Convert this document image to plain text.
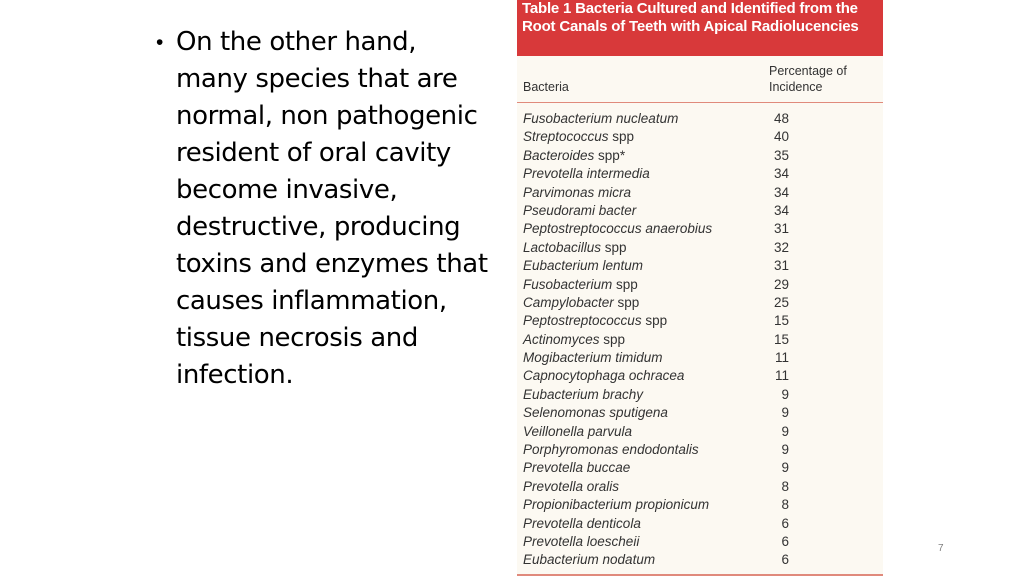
• On the other hand, many species that are normal, non pathogenic resident of oral cavity become invasive, destructive, producing toxins and enzymes that causes inflammation, tissue necrosis and infection.
Table 1 Bacteria Cultured and Identified from the Root Canals of Teeth with Apical Radiolucencies
Bacteria
Percentage of
Incidence
Fusobacterium nucleatum	48
Streptococcus spp	40
Bacteroides spp*	35
Prevotella intermedia	34
Parvimonas micra	34
Pseudorami bacter	34
Peptostreptococcus anaerobius	31
Lactobacillus spp	32
Eubacterium lentum	31
Fusobacterium spp	29
Campylobacter spp	25
Peptostreptococcus spp	15
Actinomyces spp	15
Mogibacterium timidum	11
Capnocytophaga ochracea	11
Eubacterium brachy	9
Selenomonas sputigena	9
Veillonella parvula	9
Porphyromonas endodontalis	9
Prevotella buccae	9
Prevotella oralis	8
Propionibacterium propionicum	8
Prevotella denticola	6
Prevotella loescheii	6
Eubacterium nodatum	6
7
